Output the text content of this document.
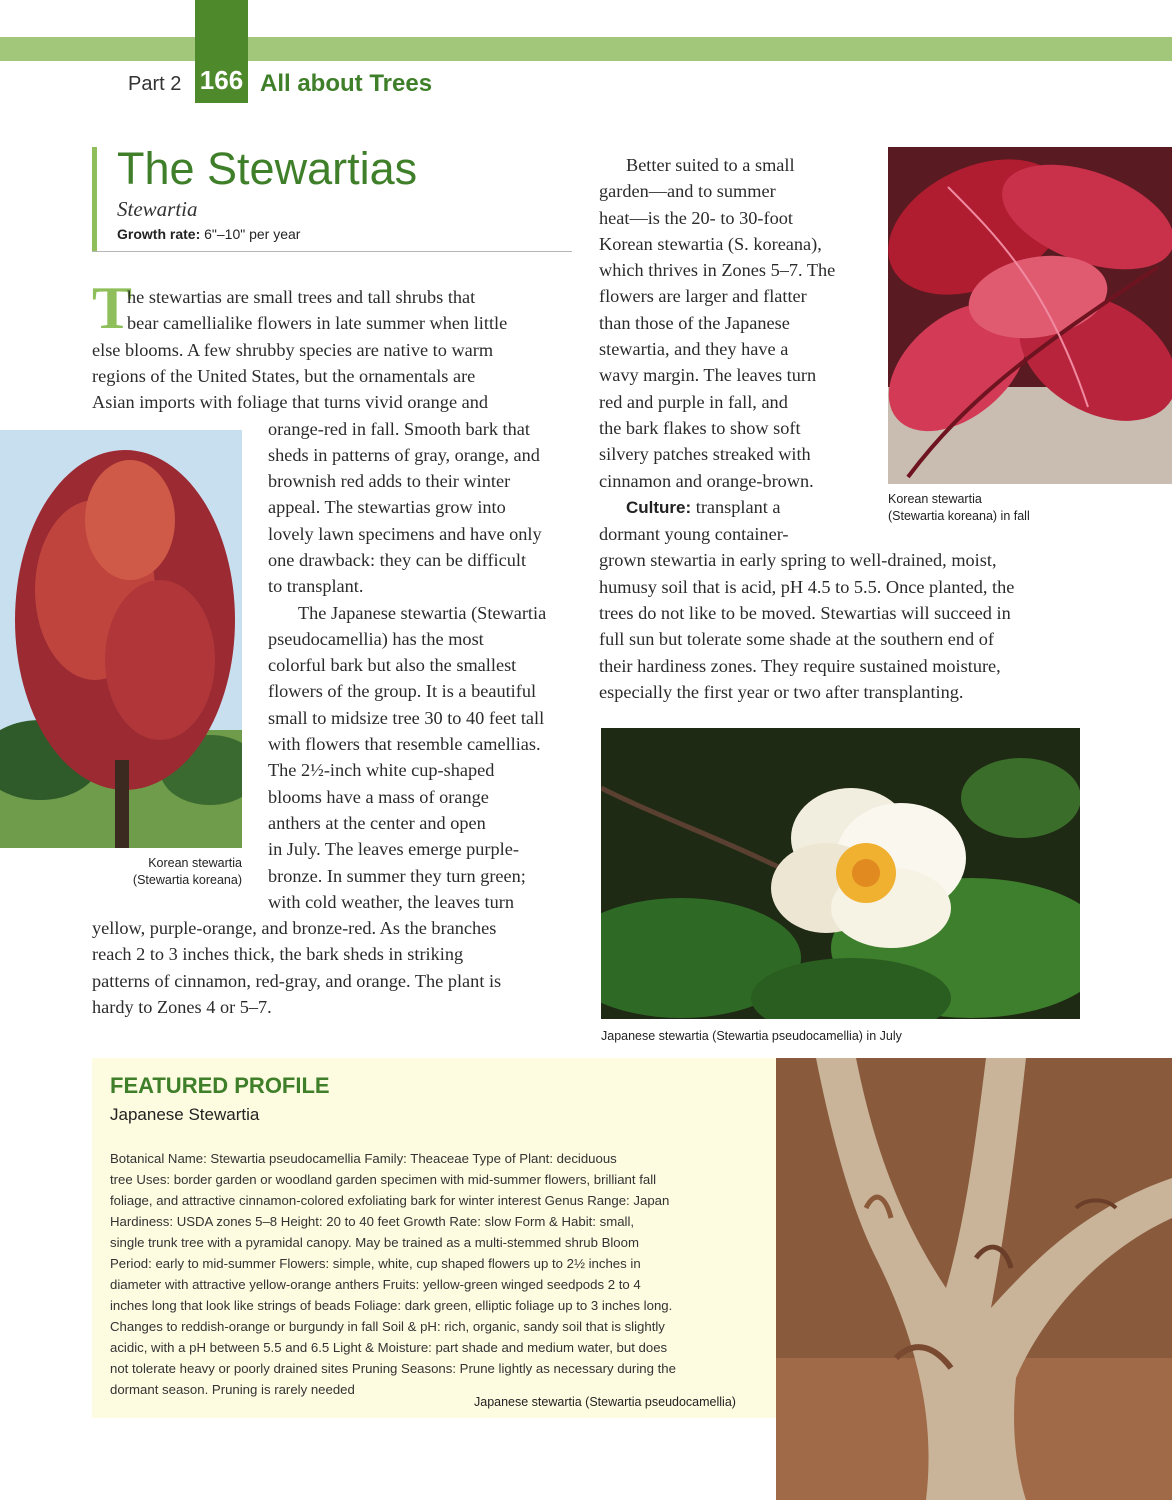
166
Part 2	All about Trees
The Stewartias
Stewartia
Growth rate: 6"–10" per year
T
he stewartias are small trees and tall shrubs that
bear camellialike flowers in late summer when little
else blooms. A few shrubby species are native to warm
regions of the United States, but the ornamentals are
Asian imports with foliage that turns vivid orange and
orange-red in fall. Smooth bark that
sheds in patterns of gray, orange, and
brownish red adds to their winter
appeal. The stewartias grow into
lovely lawn specimens and have only
one drawback: they can be difficult
to transplant.
The Japanese stewartia (Stewartia
pseudocamellia) has the most
colorful bark but also the smallest
flowers of the group. It is a beautiful
small to midsize tree 30 to 40 feet tall
with flowers that resemble camellias.
The 2½-inch white cup-shaped
blooms have a mass of orange
anthers at the center and open
in July. The leaves emerge purple-
bronze. In summer they turn green;
with cold weather, the leaves turn
yellow, purple-orange, and bronze-red. As the branches
reach 2 to 3 inches thick, the bark sheds in striking
patterns of cinnamon, red-gray, and orange. The plant is
hardy to Zones 4 or 5–7.
Better suited to a small
garden—and to summer
heat—is the 20- to 30-foot
Korean stewartia (S. koreana),
which thrives in Zones 5–7. The
flowers are larger and flatter
than those of the Japanese
stewartia, and they have a
wavy margin. The leaves turn
red and purple in fall, and
the bark flakes to show soft
silvery patches streaked with
cinnamon and orange-brown.
Culture: transplant a
dormant young container-
grown stewartia in early spring to well-drained, moist,
humusy soil that is acid, pH 4.5 to 5.5. Once planted, the
trees do not like to be moved. Stewartias will succeed in
full sun but tolerate some shade at the southern end of
their hardiness zones. They require sustained moisture,
especially the first year or two after transplanting.
Korean stewartia
(Stewartia koreana) in fall
Korean stewartia
(Stewartia koreana)
Japanese stewartia (Stewartia pseudocamellia) in July
FEATURED PROFILE
Japanese Stewartia
Botanical Name: Stewartia pseudocamellia Family: Theaceae Type of Plant: deciduous
tree Uses: border garden or woodland garden specimen with mid-summer flowers, brilliant fall
foliage, and attractive cinnamon-colored exfoliating bark for winter interest Genus Range: Japan
Hardiness: USDA zones 5–8 Height: 20 to 40 feet Growth Rate: slow Form & Habit: small,
single trunk tree with a pyramidal canopy. May be trained as a multi-stemmed shrub Bloom
Period: early to mid-summer Flowers: simple, white, cup shaped flowers up to 2½ inches in
diameter with attractive yellow-orange anthers Fruits: yellow-green winged seedpods 2 to 4
inches long that look like strings of beads Foliage: dark green, elliptic foliage up to 3 inches long.
Changes to reddish-orange or burgundy in fall Soil & pH: rich, organic, sandy soil that is slightly
acidic, with a pH between 5.5 and 6.5 Light & Moisture: part shade and medium water, but does
not tolerate heavy or poorly drained sites Pruning Seasons: Prune lightly as necessary during the
dormant season. Pruning is rarely needed
Japanese stewartia (Stewartia pseudocamellia)
